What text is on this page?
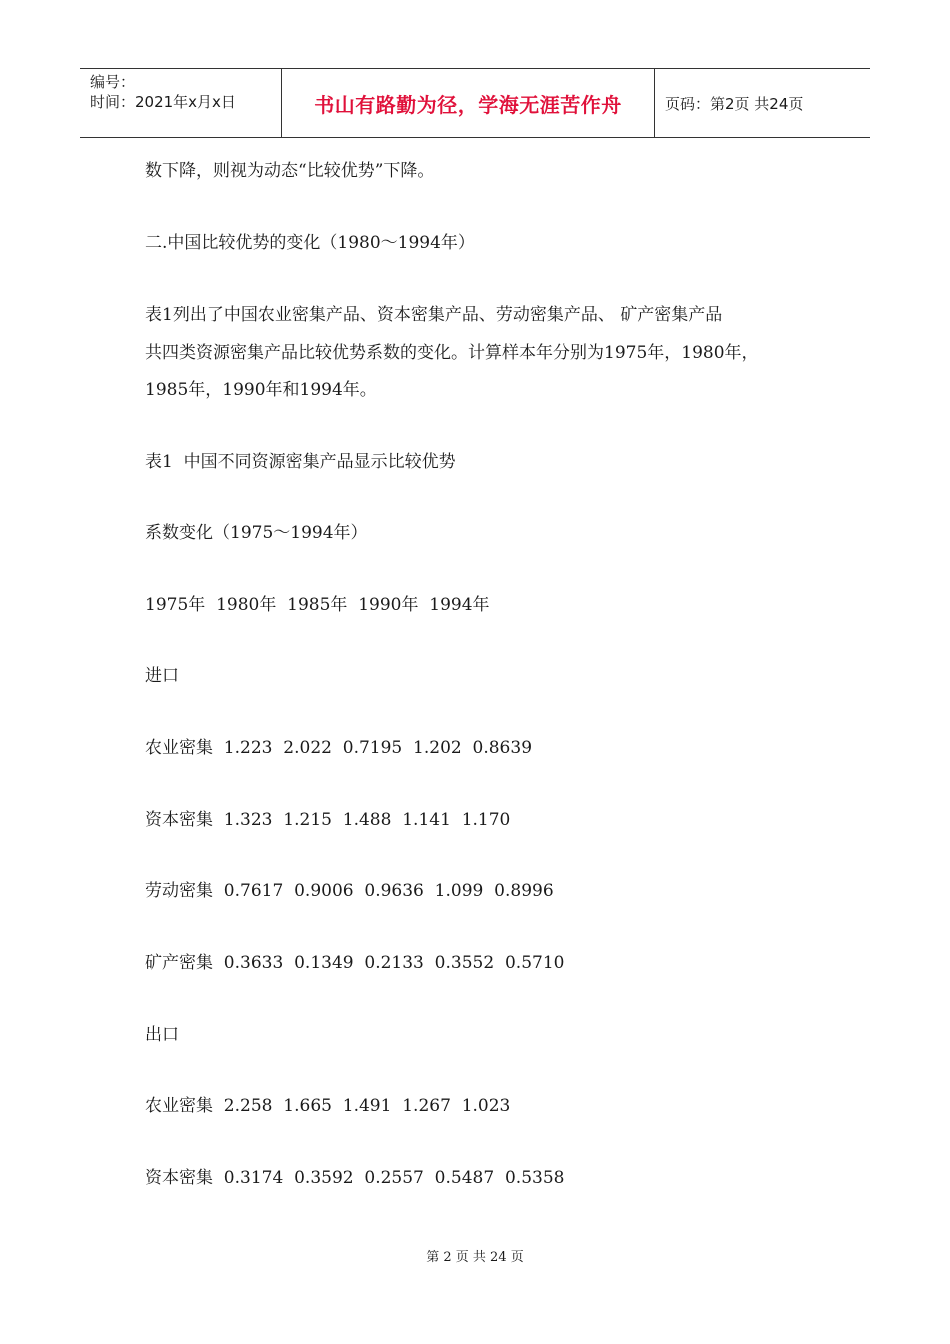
编号：
时间：2021年x月x日	书山有路勤为径，学海无涯苦作舟	页码：第2页 共24页
数下降，则视为动态“比较优势”下降。
二.中国比较优势的变化（1980～1994年）
表1列出了中国农业密集产品、资本密集产品、劳动密集产品、 矿产密集产品
共四类资源密集产品比较优势系数的变化。计算样本年分别为1975年，1980年，
1985年，1990年和1994年。
表1  中国不同资源密集产品显示比较优势
系数变化（1975～1994年）
1975年  1980年  1985年  1990年  1994年
进口
农业密集  1.223  2.022  0.7195  1.202  0.8639
资本密集  1.323  1.215  1.488  1.141  1.170
劳动密集  0.7617  0.9006  0.9636  1.099  0.8996
矿产密集  0.3633  0.1349  0.2133  0.3552  0.5710
出口
农业密集  2.258  1.665  1.491  1.267  1.023
资本密集  0.3174  0.3592  0.2557  0.5487  0.5358
第 2 页 共 24 页
